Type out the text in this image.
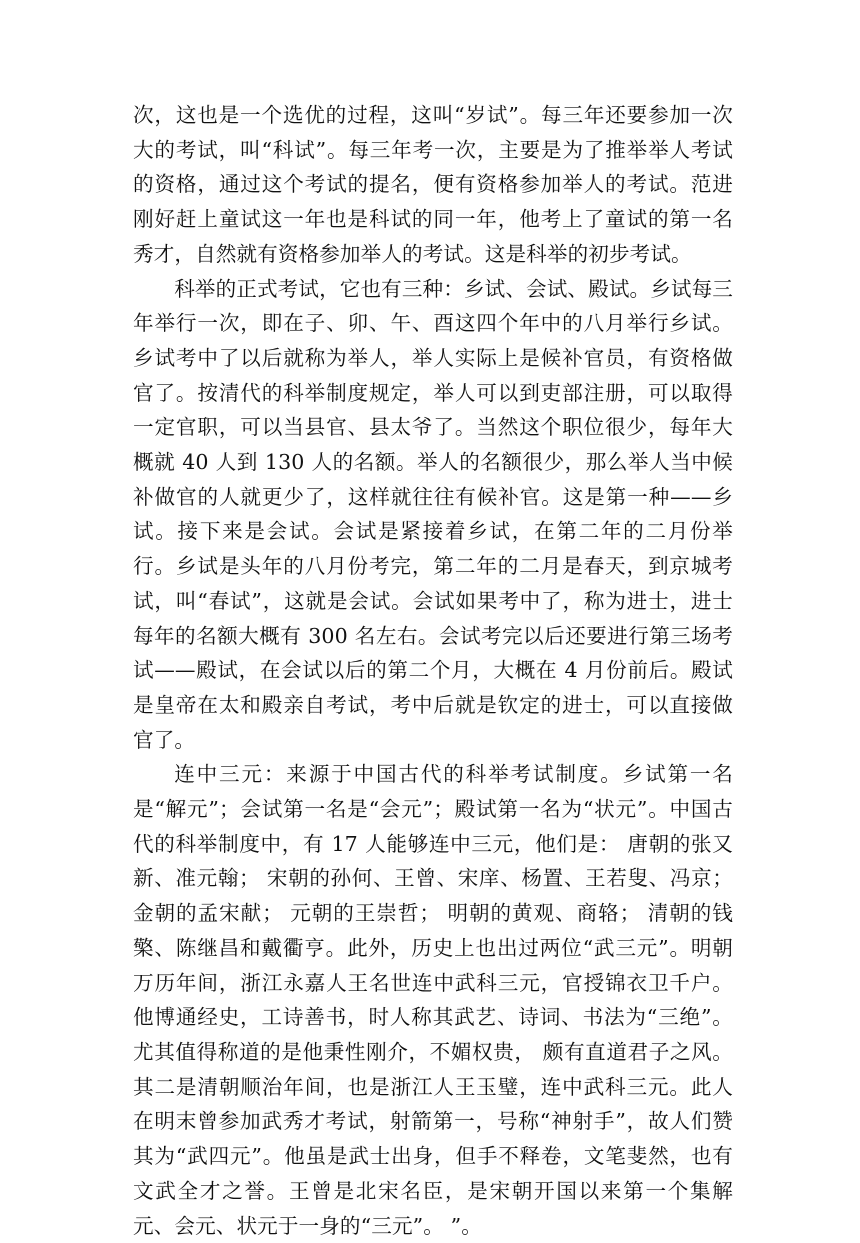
次，这也是一个选优的过程，这叫“岁试”。每三年还要参加一次大的考试，叫“科试”。每三年考一次，主要是为了推举举人考试的资格，通过这个考试的提名，便有资格参加举人的考试。范进刚好赶上童试这一年也是科试的同一年，他考上了童试的第一名秀才，自然就有资格参加举人的考试。这是科举的初步考试。

科举的正式考试，它也有三种：乡试、会试、殿试。乡试每三年举行一次，即在子、卯、午、酉这四个年中的八月举行乡试。乡试考中了以后就称为举人，举人实际上是候补官员，有资格做官了。按清代的科举制度规定，举人可以到吏部注册，可以取得一定官职，可以当县官、县太爷了。当然这个职位很少，每年大概就 40 人到 130 人的名额。举人的名额很少，那么举人当中候补做官的人就更少了，这样就往往有候补官。这是第一种——乡试。接下来是会试。会试是紧接着乡试，在第二年的二月份举行。乡试是头年的八月份考完，第二年的二月是春天，到京城考试，叫“春试”，这就是会试。会试如果考中了，称为进士，进士每年的名额大概有 300 名左右。会试考完以后还要进行第三场考试——殿试，在会试以后的第二个月，大概在 4 月份前后。殿试是皇帝在太和殿亲自考试，考中后就是钦定的进士，可以直接做官了。

连中三元：来源于中国古代的科举考试制度。乡试第一名是“解元”；会试第一名是“会元”；殿试第一名为“状元”。中国古代的科举制度中，有 17 人能够连中三元，他们是： 唐朝的张又新、准元翰； 宋朝的孙何、王曾、宋庠、杨置、王若叟、冯京； 金朝的孟宋献； 元朝的王崇哲； 明朝的黄观、商辂； 清朝的钱檠、陈继昌和戴衢亨。此外，历史上也出过两位“武三元”。明朝万历年间，浙江永嘉人王名世连中武科三元，官授锦衣卫千户。他博通经史，工诗善书，时人称其武艺、诗词、书法为“三绝”。尤其值得称道的是他秉性刚介，不媚权贵， 颇有直道君子之风。 其二是清朝顺治年间，也是浙江人王玉璧，连中武科三元。此人在明末曾参加武秀才考试，射箭第一，号称“神射手”，故人们赞其为“武四元”。他虽是武士出身，但手不释卷，文笔斐然，也有文武全才之誉。王曾是北宋名臣，是宋朝开国以来第一个集解元、会元、状元于一身的“三元”。 ”。
